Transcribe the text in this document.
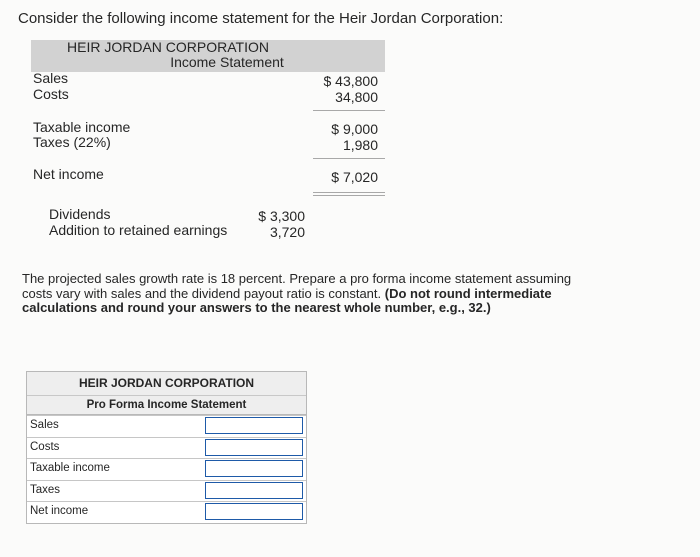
Consider the following income statement for the Heir Jordan Corporation:
HEIR JORDAN CORPORATION
Income Statement
Sales
Costs
$ 43,800
34,800
Taxable income
Taxes (22%)
$ 9,000
1,980
Net income	$ 7,020
Dividends
Addition to retained earnings
$ 3,300
3,720
The projected sales growth rate is 18 percent. Prepare a pro forma income statement assuming costs vary with sales and the dividend payout ratio is constant. (Do not round intermediate calculations and round your answers to the nearest whole number, e.g., 32.)
HEIR JORDAN CORPORATION
Pro Forma Income Statement
Sales
Costs
Taxable income
Taxes
Net income
